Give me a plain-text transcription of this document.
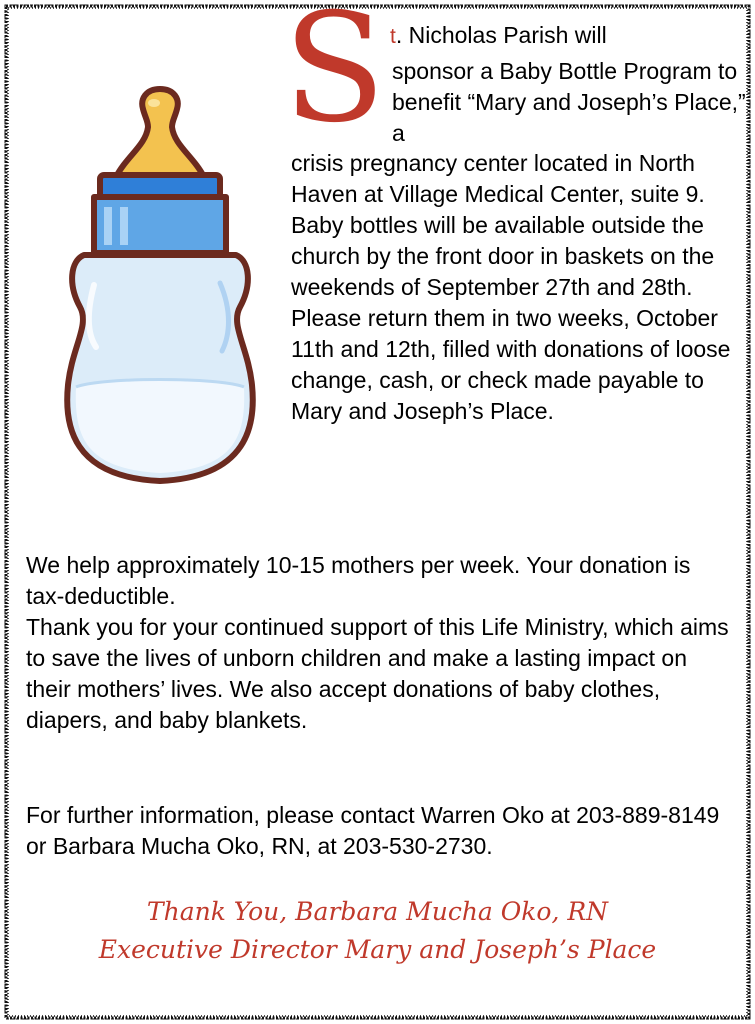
S t. Nicholas Parish will

sponsor a Baby Bottle Program to benefit “Mary and Joseph’s Place,” a

crisis pregnancy center located in North Haven at Village Medical Center, suite 9. Baby bottles will be available outside the church by the front door in baskets on the weekends of September 27th and 28th. Please return them in two weeks, October 11th and 12th, filled with donations of loose change, cash, or check made payable to Mary and Joseph’s Place.

We help approximately 10-15 mothers per week. Your donation is tax-deductible.

Thank you for your continued support of this Life Ministry, which aims to save the lives of unborn children and make a lasting impact on their mothers’ lives. We also accept donations of baby clothes, diapers, and baby blankets.

For further information, please contact Warren Oko at 203-889-8149 or Barbara Mucha Oko, RN, at 203-530-2730.

Thank You, Barbara Mucha Oko, RN
Executive Director Mary and Joseph’s Place
